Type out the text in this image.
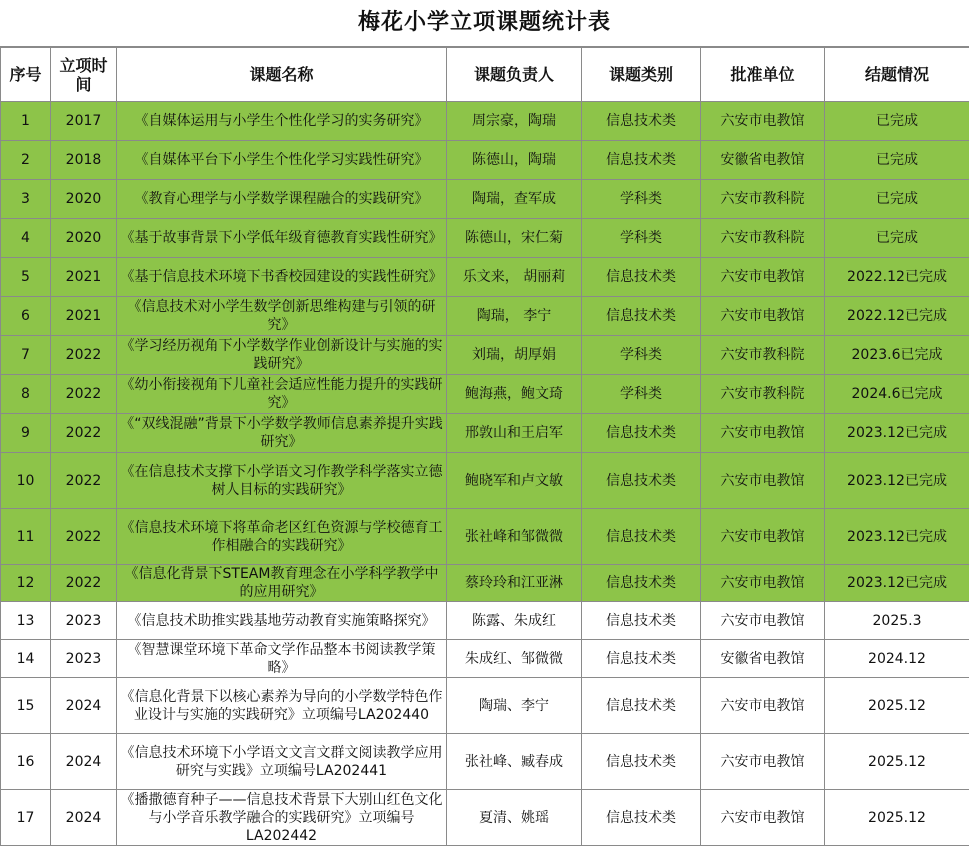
梅花小学立项课题统计表
序号	立项时间	课题名称	课题负责人	课题类别	批准单位	结题情况
1	2017	《自媒体运用与小学生个性化学习的实务研究》	周宗豪，陶瑞	信息技术类	六安市电教馆	已完成
2	2018	《自媒体平台下小学生个性化学习实践性研究》	陈德山，陶瑞	信息技术类	安徽省电教馆	已完成
3	2020	《教育心理学与小学数学课程融合的实践研究》	陶瑞，查军成	学科类	六安市教科院	已完成
4	2020	《基于故事背景下小学低年级育德教育实践性研究》	陈德山，宋仁菊	学科类	六安市教科院	已完成
5	2021	《基于信息技术环境下书香校园建设的实践性研究》	乐文来， 胡丽莉	信息技术类	六安市电教馆	2022.12已完成
6	2021	《信息技术对小学生数学创新思维构建与引领的研究》	陶瑞， 李宁	信息技术类	六安市电教馆	2022.12已完成
7	2022	《学习经历视角下小学数学作业创新设计与实施的实践研究》	刘瑞，胡厚娟	学科类	六安市教科院	2023.6已完成
8	2022	《幼小衔接视角下儿童社会适应性能力提升的实践研究》	鲍海燕，鲍文琦	学科类	六安市教科院	2024.6已完成
9	2022	《“双线混融”背景下小学数学教师信息素养提升实践研究》	邢敦山和王启军	信息技术类	六安市电教馆	2023.12已完成
10	2022	《在信息技术支撑下小学语文习作教学科学落实立德树人目标的实践研究》	鲍晓军和卢文敏	信息技术类	六安市电教馆	2023.12已完成
11	2022	《信息技术环境下将革命老区红色资源与学校德育工作相融合的实践研究》	张社峰和邹微微	信息技术类	六安市电教馆	2023.12已完成
12	2022	《信息化背景下STEAM教育理念在小学科学教学中的应用研究》	蔡玲玲和江亚淋	信息技术类	六安市电教馆	2023.12已完成
13	2023	《信息技术助推实践基地劳动教育实施策略探究》	陈露、朱成红	信息技术类	六安市电教馆	2025.3
14	2023	《智慧课堂环境下革命文学作品整本书阅读教学策略》	朱成红、邹微微	信息技术类	安徽省电教馆	2024.12
15	2024	《信息化背景下以核心素养为导向的小学数学特色作业设计与实施的实践研究》立项编号LA202440	陶瑞、李宁	信息技术类	六安市电教馆	2025.12
16	2024	《信息技术环境下小学语文文言文群文阅读教学应用研究与实践》立项编号LA202441	张社峰、臧春成	信息技术类	六安市电教馆	2025.12
17	2024	《播撒德育种子——信息技术背景下大别山红色文化与小学音乐教学融合的实践研究》立项编号LA202442	夏清、姚瑶	信息技术类	六安市电教馆	2025.12
